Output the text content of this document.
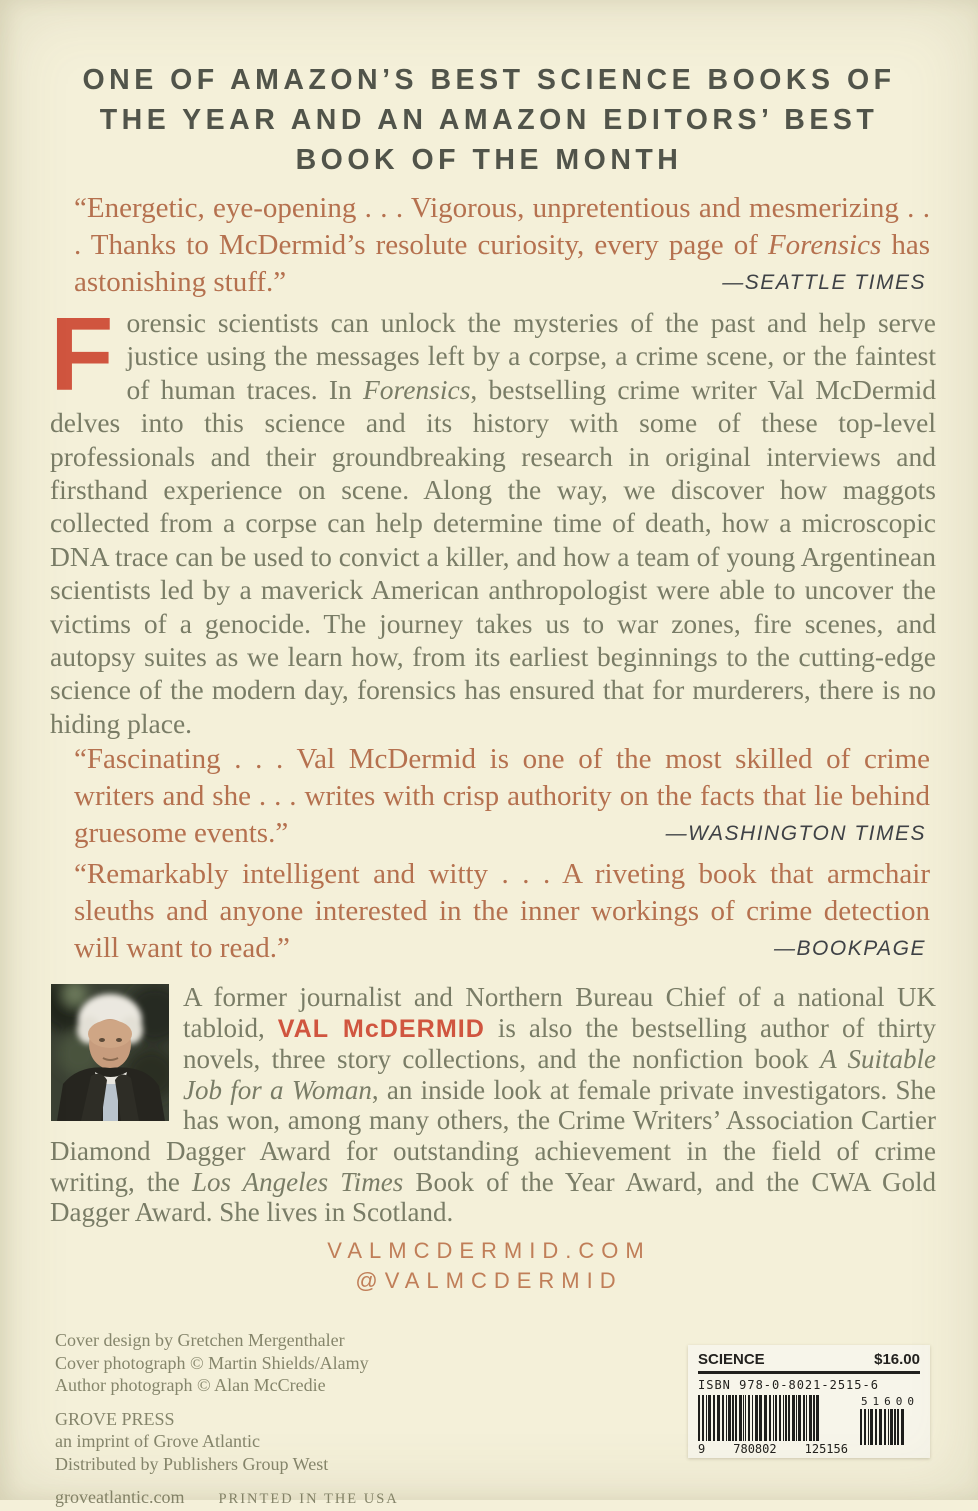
ONE OF AMAZON’S BEST SCIENCE BOOKS OF
THE YEAR AND AN AMAZON EDITORS’ BEST
BOOK OF THE MONTH
“Energetic, eye-opening . . . Vigorous, unpretentious and mesmerizing . . . Thanks to McDermid’s resolute curiosity, every page of Forensics has astonishing stuff.”	—SEATTLE TIMES
F orensic scientists can unlock the mysteries of the past and help serve justice using the messages left by a corpse, a crime scene, or the faintest of human traces. In Forensics, bestselling crime writer Val McDermid delves into this science and its history with some of these top-level professionals and their groundbreaking research in original interviews and firsthand experience on scene. Along the way, we discover how maggots collected from a corpse can help determine time of death, how a microscopic DNA trace can be used to convict a killer, and how a team of young Argentinean scientists led by a maverick American anthropologist were able to uncover the victims of a genocide. The journey takes us to war zones, fire scenes, and autopsy suites as we learn how, from its earliest beginnings to the cutting-edge science of the modern day, forensics has ensured that for murderers, there is no hiding place.
“Fascinating . . . Val McDermid is one of the most skilled of crime writers and she . . . writes with crisp authority on the facts that lie behind gruesome events.”	—WASHINGTON TIMES
“Remarkably intelligent and witty . . . A riveting book that armchair sleuths and anyone interested in the inner workings of crime detection will want to read.”	—BOOKPAGE
A former journalist and Northern Bureau Chief of a national UK tabloid, VAL MᴄDERMID is also the bestselling author of thirty novels, three story collections, and the nonfiction book A Suitable Job for a Woman, an inside look at female private investigators. She has won, among many others, the Crime Writers’ Association Cartier Diamond Dagger Award for outstanding achievement in the field of crime writing, the Los Angeles Times Book of the Year Award, and the CWA Gold Dagger Award. She lives in Scotland.
VALMCDERMID.COM
@VALMCDERMID
Cover design by Gretchen Mergenthaler
Cover photograph © Martin Shields/Alamy
Author photograph © Alan McCredie
GROVE PRESS
an imprint of Grove Atlantic
Distributed by Publishers Group West
groveatlantic.com PRINTED IN THE USA
SCIENCE	$16.00
ISBN 978-0-8021-2515-6
9 780802 125156
51600
